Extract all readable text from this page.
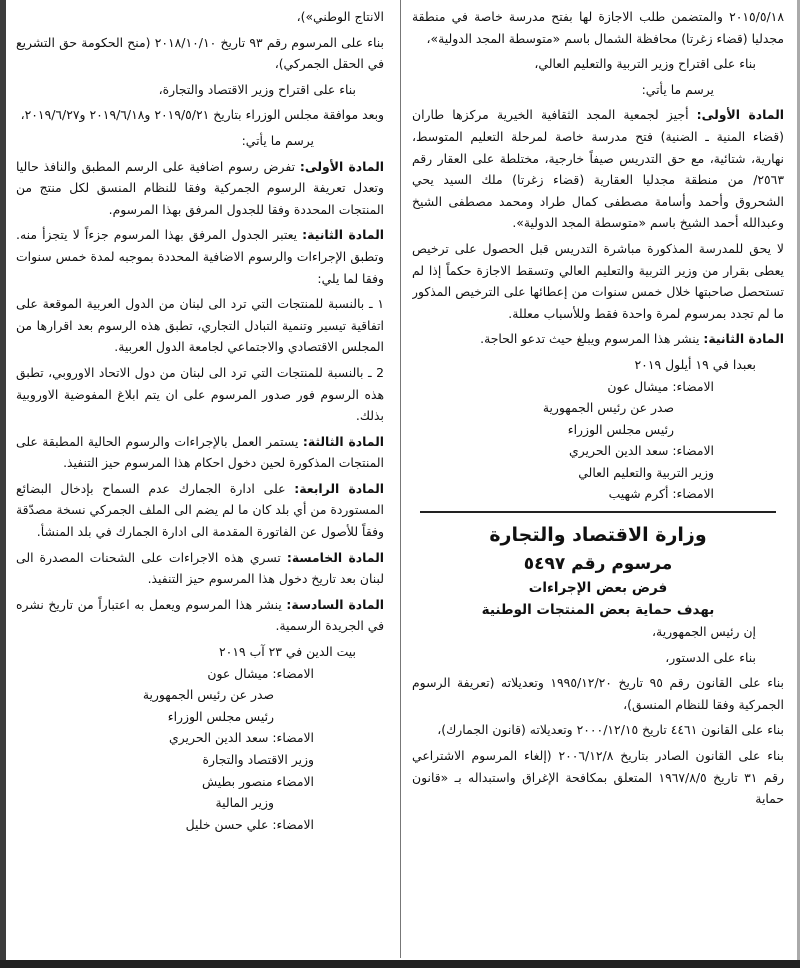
٢٠١٥/٥/١٨ والمتضمن طلب الاجازة لها بفتح مدرسة خاصة في منطقة مجدليا (قضاء زغرتا) محافظة الشمال باسم «متوسطة المجد الدولية»،

بناء على اقتراح وزير التربية والتعليم العالي،

يرسم ما يأتي:

المادة الأولى: أجيز لجمعية المجد الثقافية الخيرية مركزها طاران (قضاء المنية ـ الضنية) فتح مدرسة خاصة لمرحلة التعليم المتوسط، نهارية، شتائية، مع حق التدريس صيفاً خارجية، مختلطة على العقار رقم ٢٥٦٣/ من منطقة مجدليا العقارية (قضاء زغرتا) ملك السيد يحي الشحروق وأحمد وأسامة مصطفى كمال طراد ومحمد مصطفى الشيخ وعبدالله أحمد الشيخ باسم «متوسطة المجد الدولية».

لا يحق للمدرسة المذكورة مباشرة التدريس قبل الحصول على ترخيص يعطى بقرار من وزير التربية والتعليم العالي وتسقط الاجازة حكماً إذا لم تستحصل صاحبتها خلال خمس سنوات من إعطائها على الترخيص المذكور ما لم تجدد بمرسوم لمرة واحدة فقط وللأسباب معللة.

المادة الثانية: ينشر هذا المرسوم ويبلغ حيث تدعو الحاجة.

بعبدا في ١٩ أيلول ٢٠١٩

الامضاء: ميشال عون

صدر عن رئيس الجمهورية

رئيس مجلس الوزراء

الامضاء: سعد الدين الحريري

وزير التربية والتعليم العالي

الامضاء: أكرم شهيب

وزارة الاقتصاد والتجارة
مرسوم رقم ٥٤٩٧
فرض بعض الإجراءات
بهدف حماية بعض المنتجات الوطنية

إن رئيس الجمهورية،

بناء على الدستور،

بناء على القانون رقم ٩٥ تاريخ ١٩٩٥/١٢/٢٠ وتعديلاته (تعريفة الرسوم الجمركية وفقا للنظام المنسق)،

بناء على القانون ٤٤٦١ تاريخ ٢٠٠٠/١٢/١٥ وتعديلاته (قانون الجمارك)،

بناء على القانون الصادر بتاريخ ٢٠٠٦/١٢/٨ (إلغاء المرسوم الاشتراعي رقم ٣١ تاريخ ١٩٦٧/٨/٥ المتعلق بمكافحة الإغراق واستبداله بـ «قانون حماية

الانتاج الوطني»)،

بناء على المرسوم رقم ٩٣ تاريخ ٢٠١٨/١٠/١٠ (منح الحكومة حق التشريع في الحقل الجمركي)،

بناء على اقتراح وزير الاقتصاد والتجارة،

وبعد موافقة مجلس الوزراء بتاريخ ٢٠١٩/٥/٢١ و٢٠١٩/٦/١٨ و٢٠١٩/٦/٢٧،

يرسم ما يأتي:

المادة الأولى: تفرض رسوم اضافية على الرسم المطبق والنافذ حاليا وتعدل تعريفة الرسوم الجمركية وفقا للنظام المنسق لكل منتج من المنتجات المحددة وفقا للجدول المرفق بهذا المرسوم.

المادة الثانية: يعتبر الجدول المرفق بهذا المرسوم جزءاً لا يتجزأ منه. وتطبق الإجراءات والرسوم الاضافية المحددة بموجبه لمدة خمس سنوات وفقا لما يلي:

١ ـ بالنسبة للمنتجات التي ترد الى لبنان من الدول العربية الموقعة على اتفاقية تيسير وتنمية التبادل التجاري، تطبق هذه الرسوم بعد اقرارها من المجلس الاقتصادي والاجتماعي لجامعة الدول العربية.

2 ـ بالنسبة للمنتجات التي ترد الى لبنان من دول الاتحاد الاوروبي، تطبق هذه الرسوم فور صدور المرسوم على ان يتم ابلاغ المفوضية الاوروبية بذلك.

المادة الثالثة: يستمر العمل بالإجراءات والرسوم الحالية المطبقة على المنتجات المذكورة لحين دخول احكام هذا المرسوم حيز التنفيذ.

المادة الرابعة: على ادارة الجمارك عدم السماح بإدخال البضائع المستوردة من أي بلد كان ما لم يضم الى الملف الجمركي نسخة مصدّقة وفقاً للأصول عن الفاتورة المقدمة الى ادارة الجمارك في بلد المنشأ.

المادة الخامسة: تسري هذه الاجراءات على الشحنات المصدرة الى لبنان بعد تاريخ دخول هذا المرسوم حيز التنفيذ.

المادة السادسة: ينشر هذا المرسوم ويعمل به اعتباراً من تاريخ نشره في الجريدة الرسمية.

بيت الدين في ٢٣ آب ٢٠١٩

الامضاء: ميشال عون

صدر عن رئيس الجمهورية

رئيس مجلس الوزراء

الامضاء: سعد الدين الحريري

وزير الاقتصاد والتجارة

الامضاء منصور بطيش

وزير المالية

الامضاء: علي حسن خليل
